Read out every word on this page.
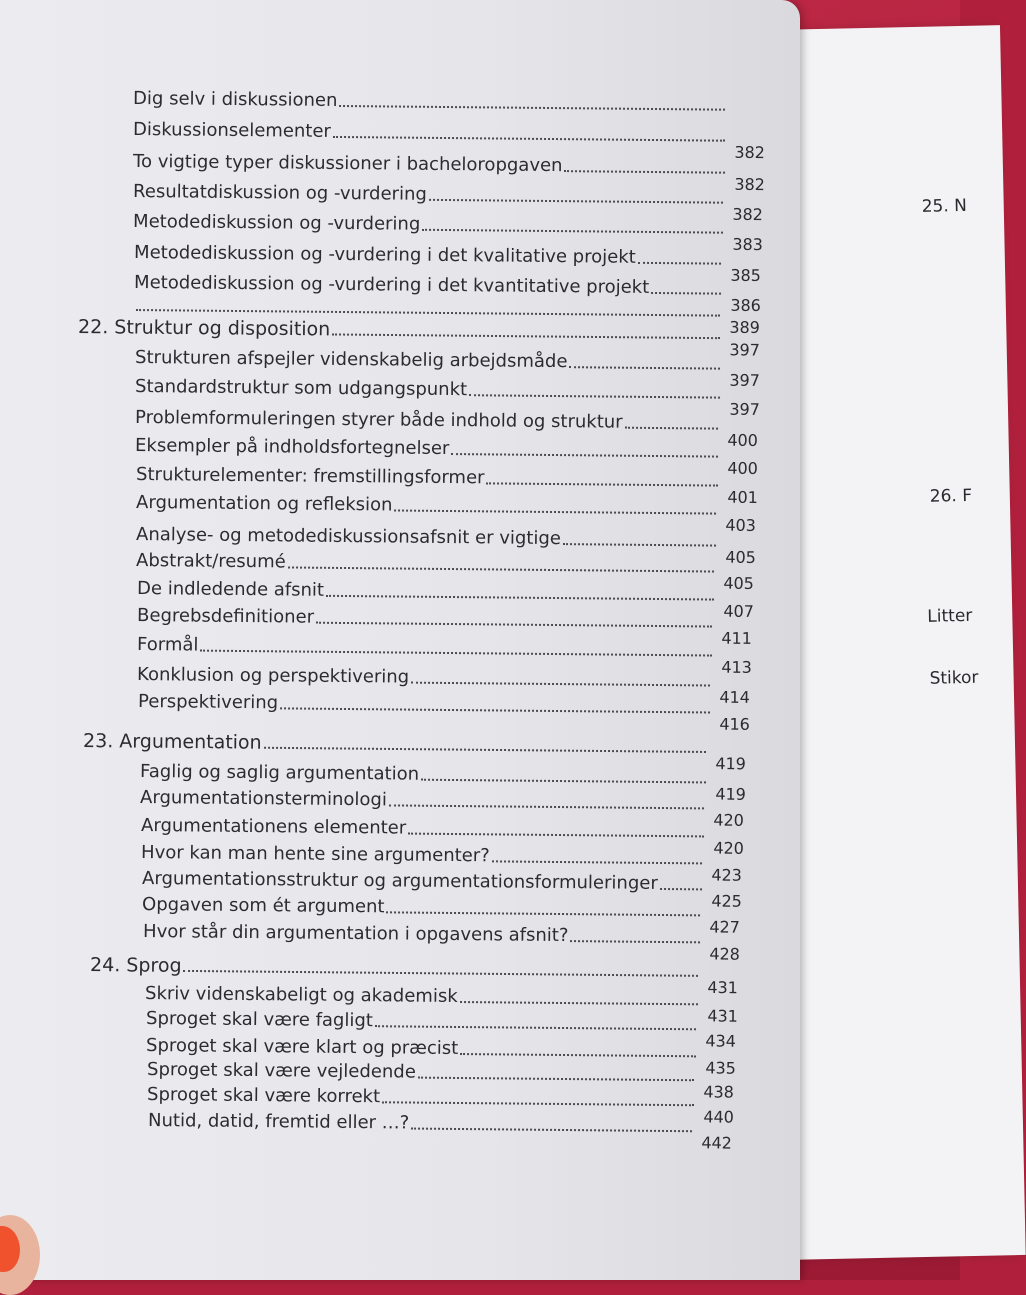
25. N
26. F
Litter
Stikor
Dig selv i diskussionen
Diskussionselementer
382
To vigtige typer diskussioner i bacheloropgaven
382
Resultatdiskussion og -vurdering
382
Metodediskussion og -vurdering
383
Metodediskussion og -vurdering i det kvalitative projekt
385
Metodediskussion og -vurdering i det kvantitative projekt
386
389
22. Struktur og disposition
397
Strukturen afspejler videnskabelig arbejdsmåde
397
Standardstruktur som udgangspunkt
397
Problemformuleringen styrer både indhold og struktur
400
Eksempler på indholdsfortegnelser
400
Strukturelementer: fremstillingsformer
401
Argumentation og refleksion
403
Analyse- og metodediskussionsafsnit er vigtige
405
Abstrakt/resumé
405
De indledende afsnit
407
Begrebsdefinitioner
411
Formål
413
Konklusion og perspektivering
414
Perspektivering
416
23. Argumentation
419
Faglig og saglig argumentation
419
Argumentationsterminologi
420
Argumentationens elementer
420
Hvor kan man hente sine argumenter?
423
Argumentationsstruktur og argumentationsformuleringer
425
Opgaven som ét argument
427
Hvor står din argumentation i opgavens afsnit?
428
24. Sprog
431
Skriv videnskabeligt og akademisk
431
Sproget skal være fagligt
434
Sproget skal være klart og præcist
435
Sproget skal være vejledende
438
Sproget skal være korrekt
440
Nutid, datid, fremtid eller …?
442
